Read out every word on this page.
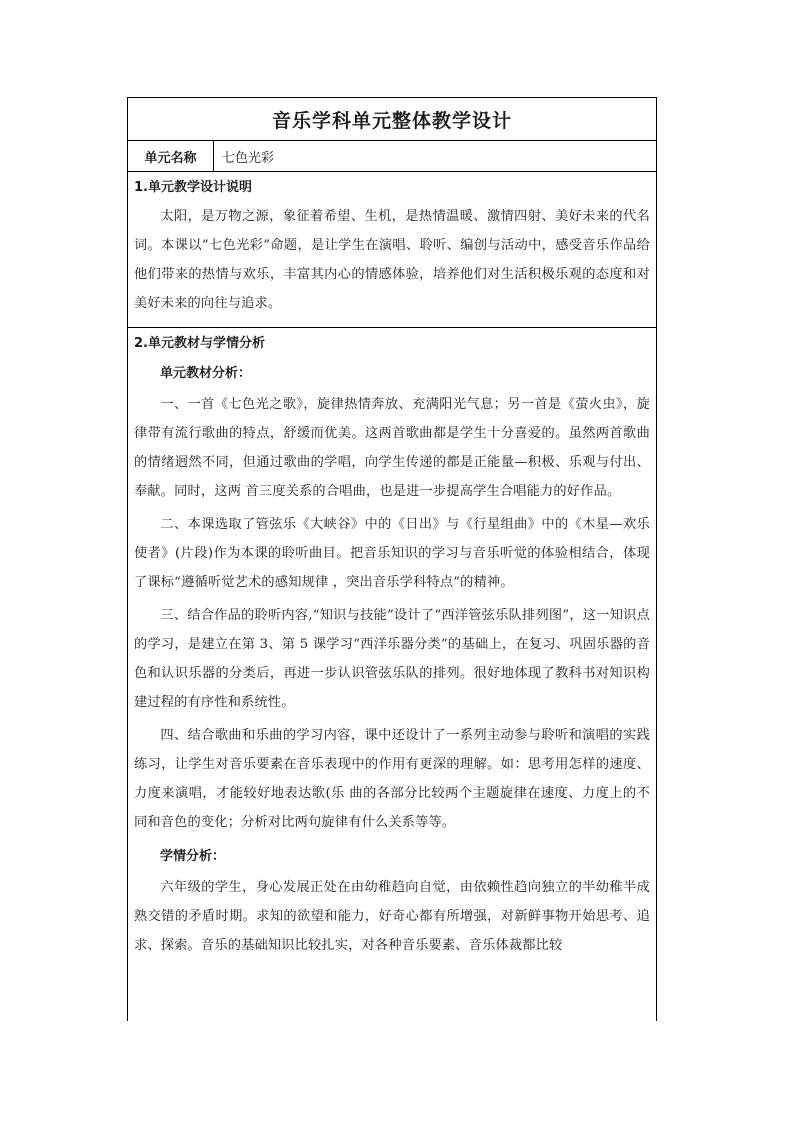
音乐学科单元整体教学设计
单元名称	七色光彩

1.单元教学设计说明

太阳，是万物之源，象征着希望、生机，是热情温暖、激情四射、美好未来的代名词。本课以“七色光彩”命题，是让学生在演唱、聆听、编创与活动中，感受音乐作品给他们带来的热情与欢乐，丰富其内心的情感体验，培养他们对生活积极乐观的态度和对美好未来的向往与追求。

2.单元教材与学情分析

单元教材分析：

一、一首《七色光之歌》，旋律热情奔放、充满阳光气息；另一首是《萤火虫》，旋律带有流行歌曲的特点，舒缓而优美。这两首歌曲都是学生十分喜爱的。虽然两首歌曲的情绪迥然不同，但通过歌曲的学唱，向学生传递的都是正能量—积极、乐观与付出、奉献。同时，这两 首三度关系的合唱曲，也是进一步提高学生合唱能力的好作品。

二、本课选取了管弦乐《大峡谷》中的《日出》与《行星组曲》中的《木星—欢乐使者》(片段)作为本课的聆听曲目。把音乐知识的学习与音乐听觉的体验相结合，体现了课标“遵循听觉艺术的感知规律 ，突出音乐学科特点”的精神。

三、结合作品的聆听内容,“知识与技能”设计了“西洋管弦乐队排列图”，这一知识点的学习，是建立在第 3、第 5 课学习“西洋乐器分类”的基础上，在复习、巩固乐器的音色和认识乐器的分类后，再进一步认识管弦乐队的排列。很好地体现了教科书对知识构建过程的有序性和系统性。

四、结合歌曲和乐曲的学习内容，课中还设计了一系列主动参与聆听和演唱的实践练习，让学生对音乐要素在音乐表现中的作用有更深的理解。如：思考用怎样的速度、力度来演唱，才能较好地表达歌(乐 曲的各部分比较两个主题旋律在速度、力度上的不同和音色的变化；分析对比两句旋律有什么关系等等。

学情分析：

六年级的学生，身心发展正处在由幼稚趋向自觉，由依赖性趋向独立的半幼稚半成熟交错的矛盾时期。求知的欲望和能力，好奇心都有所增强，对新鲜事物开始思考、追求、探索。音乐的基础知识比较扎实，对各种音乐要素、音乐体裁都比较
